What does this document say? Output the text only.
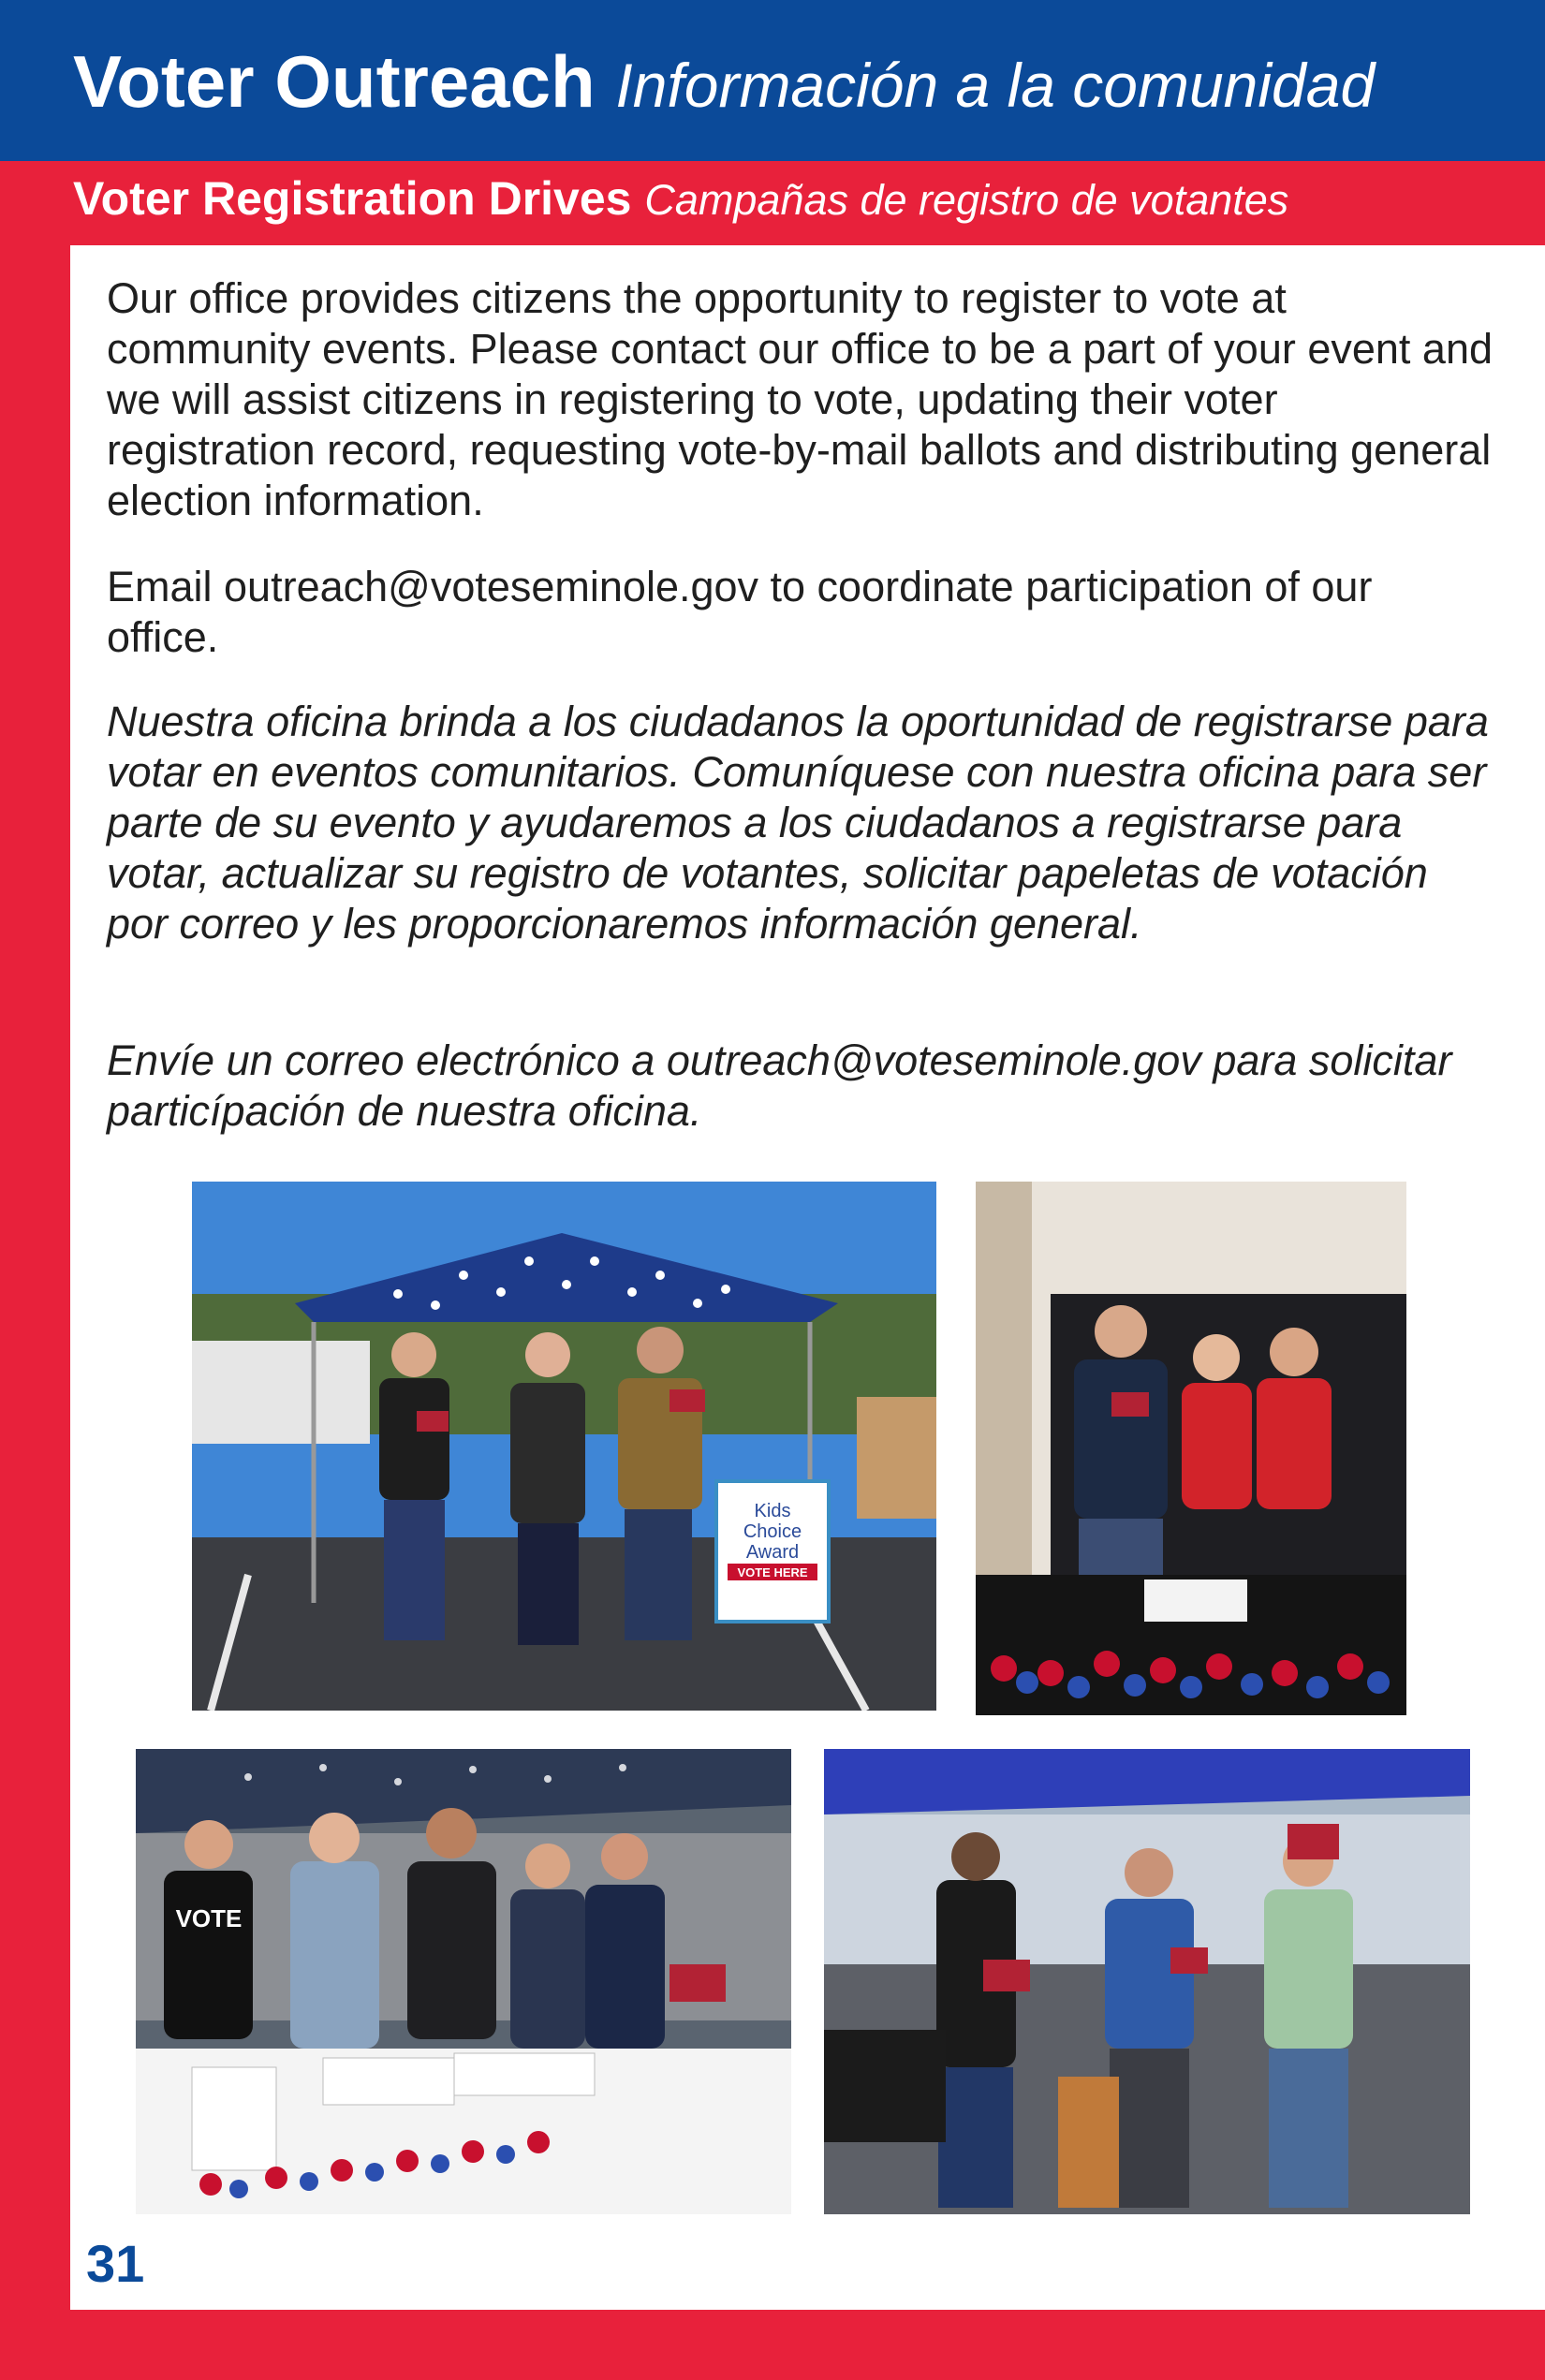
Voter Outreach Información a la comunidad
Voter Registration Drives Campañas de registro de votantes

Our office provides citizens the opportunity to register to vote at community events. Please contact our office to be a part of your event and we will assist citizens in registering to vote, updating their voter registration record, requesting vote-by-mail ballots and distributing general election information.

Email outreach@voteseminole.gov to coordinate participation of our office.

Nuestra oficina brinda a los ciudadanos la oportunidad de registrarse para votar en eventos comunitarios. Comuníquese con nuestra oficina para ser parte de su evento y ayudaremos a los ciudadanos a registrarse para votar, actualizar su registro de votantes, solicitar papeletas de votación por correo y les proporcionaremos información general.

Envíe un correo electrónico a outreach@voteseminole.gov para solicitar particípación de nuestra oficina.

Kids
Choice
Award
VOTE HERE
VOTE

31
